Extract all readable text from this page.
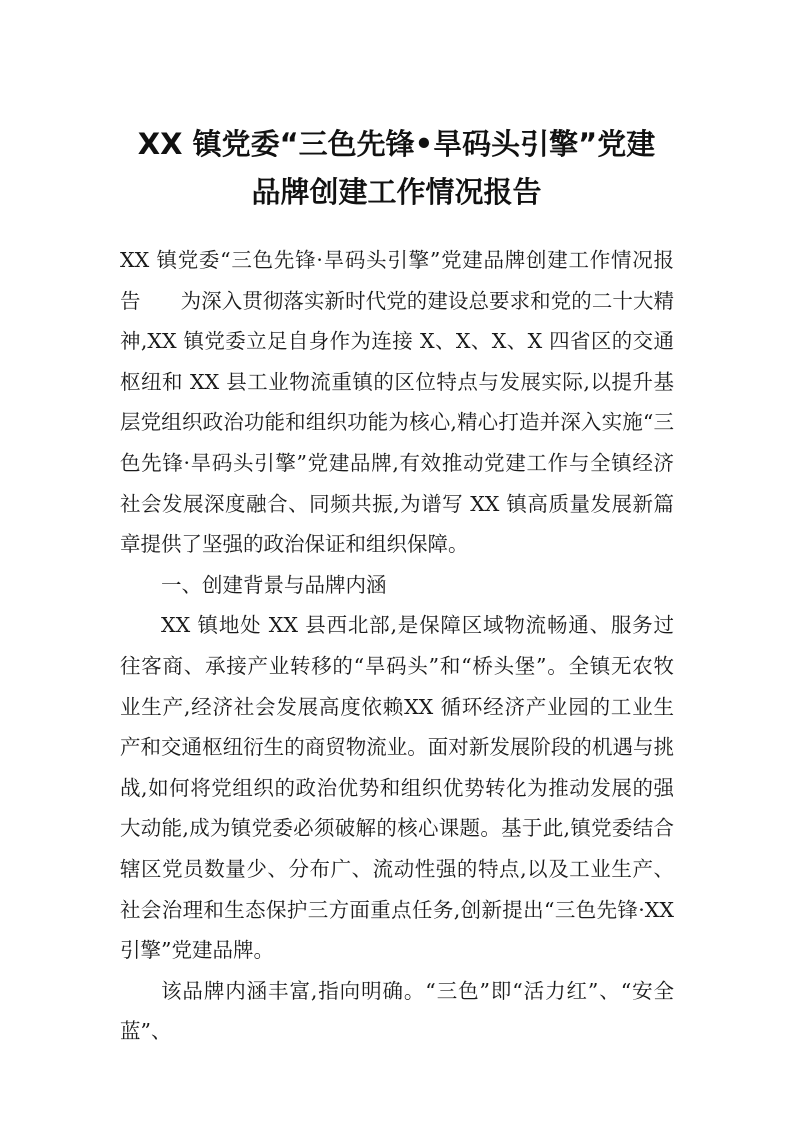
XX 镇党委“三色先锋•旱码头引擎”党建
品牌创建工作情况报告

XX 镇党委“三色先锋·旱码头引擎”党建品牌创建工作情况报告 为深入贯彻落实新时代党的建设总要求和党的二十大精神,XX 镇党委立足自身作为连接 X、X、X、X 四省区的交通枢纽和 XX 县工业物流重镇的区位特点与发展实际,以提升基层党组织政治功能和组织功能为核心,精心打造并深入实施“三色先锋·旱码头引擎”党建品牌,有效推动党建工作与全镇经济社会发展深度融合、同频共振,为谱写 XX 镇高质量发展新篇章提供了坚强的政治保证和组织保障。

一、创建背景与品牌内涵

XX 镇地处 XX 县西北部,是保障区域物流畅通、服务过往客商、承接产业转移的“旱码头”和“桥头堡”。全镇无农牧业生产,经济社会发展高度依赖XX 循环经济产业园的工业生产和交通枢纽衍生的商贸物流业。面对新发展阶段的机遇与挑战,如何将党组织的政治优势和组织优势转化为推动发展的强大动能,成为镇党委必须破解的核心课题。基于此,镇党委结合辖区党员数量少、分布广、流动性强的特点,以及工业生产、社会治理和生态保护三方面重点任务,创新提出“三色先锋·XX 引擎”党建品牌。

该品牌内涵丰富,指向明确。“三色”即“活力红”、“安全蓝”、
